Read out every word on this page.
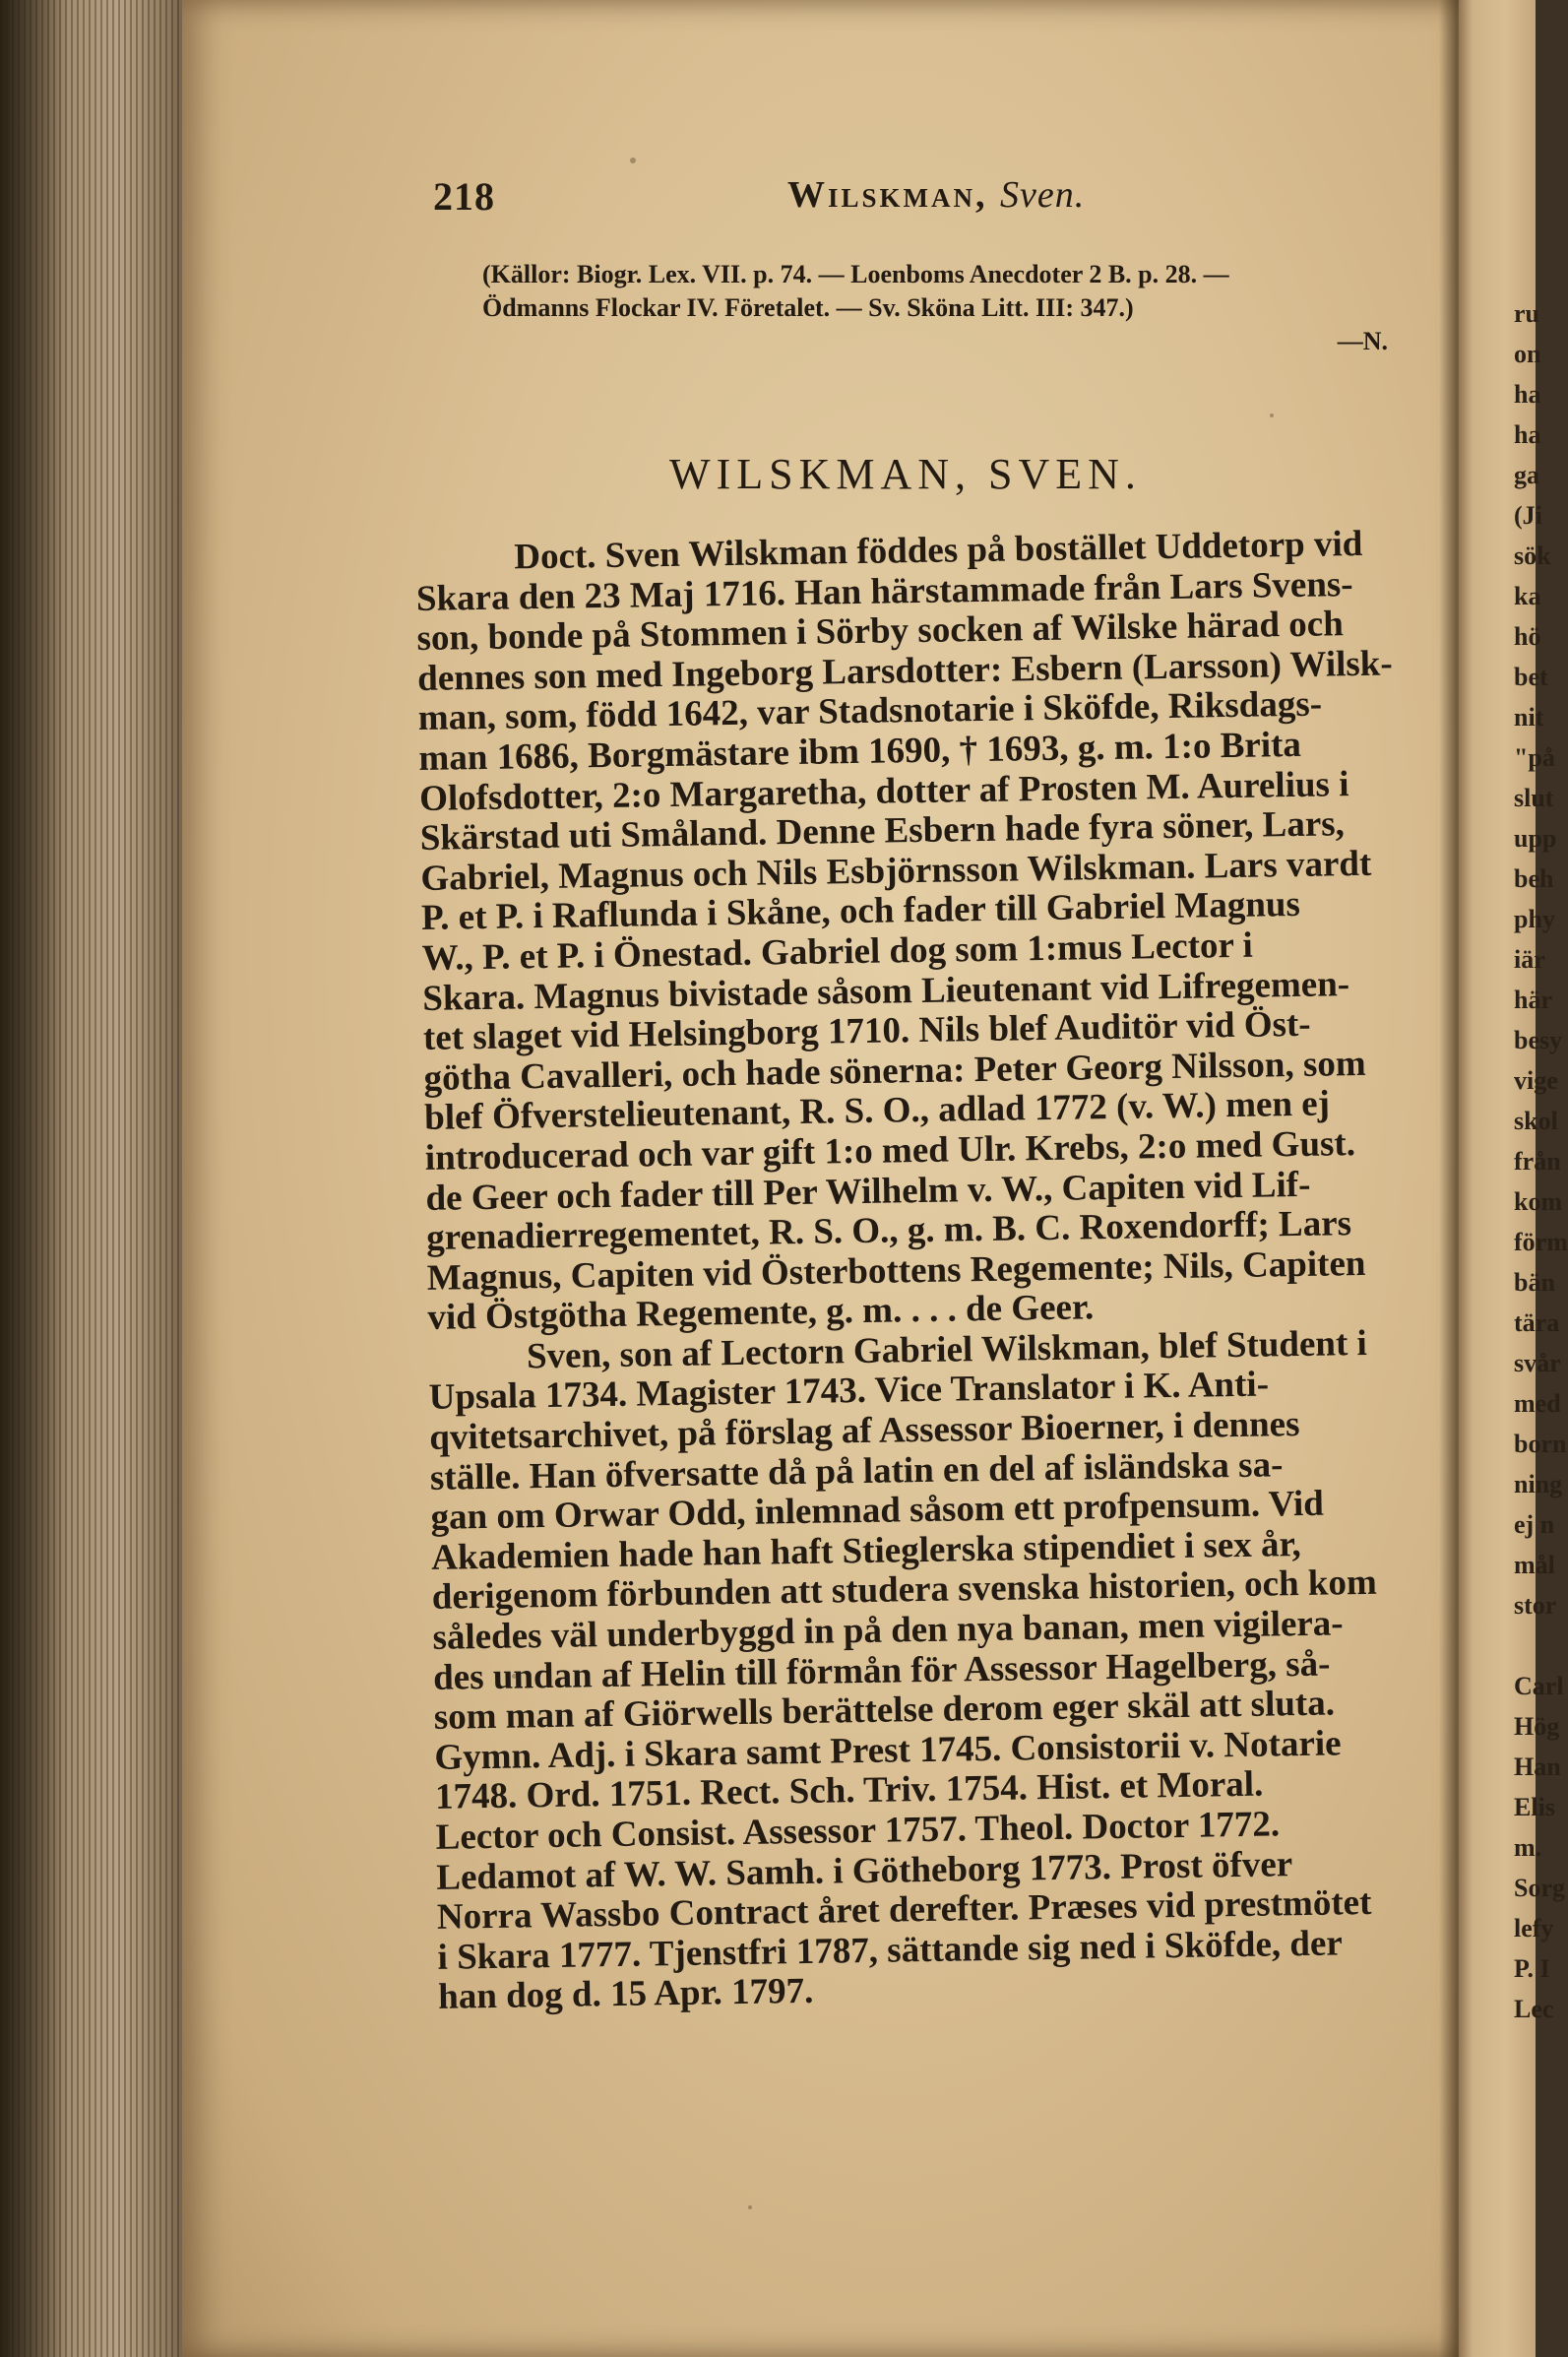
218	Wilskman, Sven.
(Källor: Biogr. Lex. VII. p. 74. — Loenboms Anecdoter 2 B. p. 28. —
Ödmanns Flockar IV. Företalet. — Sv. Sköna Litt. III: 347.)
—N.
WILSKMAN, SVEN.
Doct. Sven Wilskman föddes på bostället Uddetorp vid
Skara den 23 Maj 1716. Han härstammade från Lars Svens-
son, bonde på Stommen i Sörby socken af Wilske härad och
dennes son med Ingeborg Larsdotter: Esbern (Larsson) Wilsk-
man, som, född 1642, var Stadsnotarie i Sköfde, Riksdags-
man 1686, Borgmästare ibm 1690, † 1693, g. m. 1:o Brita
Olofsdotter, 2:o Margaretha, dotter af Prosten M. Aurelius i
Skärstad uti Småland. Denne Esbern hade fyra söner, Lars,
Gabriel, Magnus och Nils Esbjörnsson Wilskman. Lars vardt
P. et P. i Raflunda i Skåne, och fader till Gabriel Magnus
W., P. et P. i Önestad. Gabriel dog som 1:mus Lector i
Skara. Magnus bivistade såsom Lieutenant vid Lifregemen-
tet slaget vid Helsingborg 1710. Nils blef Auditör vid Öst-
götha Cavalleri, och hade sönerna: Peter Georg Nilsson, som
blef Öfverstelieutenant, R. S. O., adlad 1772 (v. W.) men ej
introducerad och var gift 1:o med Ulr. Krebs, 2:o med Gust.
de Geer och fader till Per Wilhelm v. W., Capiten vid Lif-
grenadierregementet, R. S. O., g. m. B. C. Roxendorff; Lars
Magnus, Capiten vid Österbottens Regemente; Nils, Capiten
vid Östgötha Regemente, g. m. . . . de Geer.
Sven, son af Lectorn Gabriel Wilskman, blef Student i
Upsala 1734. Magister 1743. Vice Translator i K. Anti-
qvitetsarchivet, på förslag af Assessor Bioerner, i dennes
ställe. Han öfversatte då på latin en del af isländska sa-
gan om Orwar Odd, inlemnad såsom ett profpensum. Vid
Akademien hade han haft Stieglerska stipendiet i sex år,
derigenom förbunden att studera svenska historien, och kom
således väl underbyggd in på den nya banan, men vigilera-
des undan af Helin till förmån för Assessor Hagelberg, så-
som man af Giörwells berättelse derom eger skäl att sluta.
Gymn. Adj. i Skara samt Prest 1745. Consistorii v. Notarie
1748. Ord. 1751. Rect. Sch. Triv. 1754. Hist. et Moral.
Lector och Consist. Assessor 1757. Theol. Doctor 1772.
Ledamot af W. W. Samh. i Götheborg 1773. Prost öfver
Norra Wassbo Contract året derefter. Præses vid prestmötet
i Skara 1777. Tjenstfri 1787, sättande sig ned i Sköfde, der
han dog d. 15 Apr. 1797.
ru
on
ha
ha
ga
(Ji
sök
ka
hö
bet
nit
"på
slut
upp
beh
phy
iär
här
besy
vige
skol
från
kom
förm
bän
tära
svår
med
born
ning
ej n
mål
stor

Carl
Hög
Han
Elis
m.
Sorg
lefy
P. I
Lec
